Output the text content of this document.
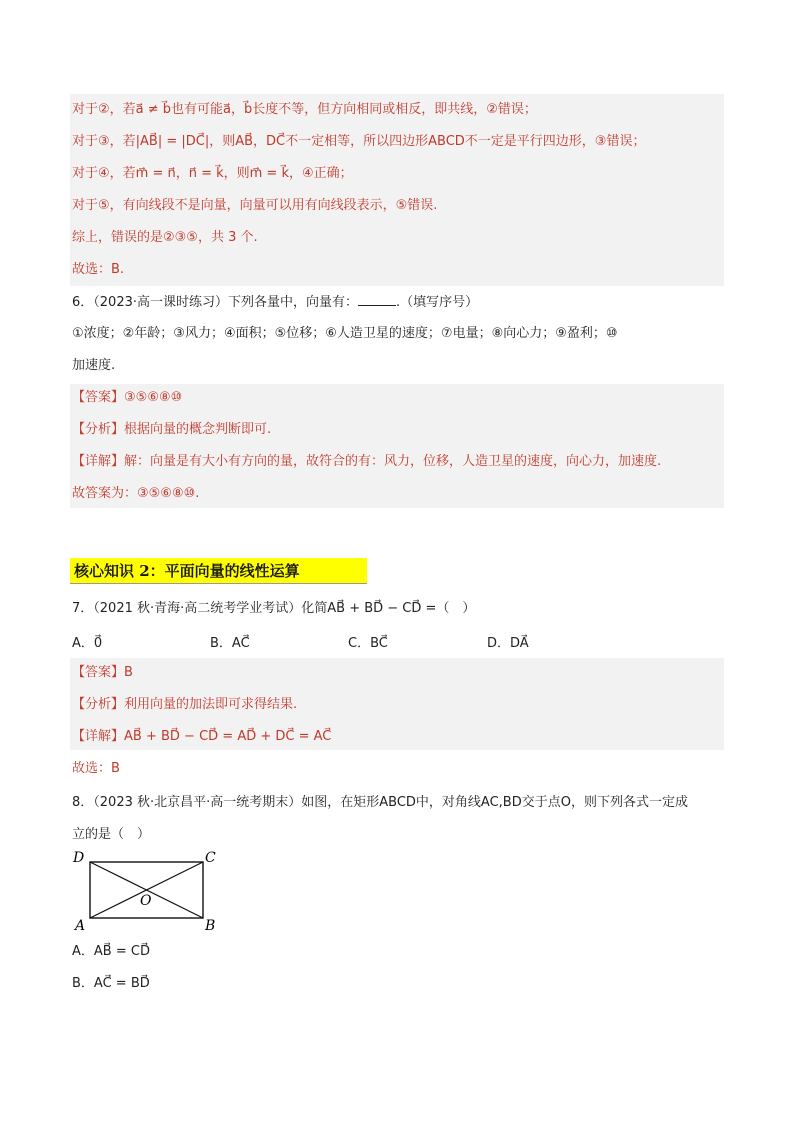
对于②，若a⃗ ≠ b⃗也有可能a⃗，b⃗长度不等，但方向相同或相反，即共线，②错误；
对于③，若|AB⃗| = |DC⃗|，则AB⃗，DC⃗不一定相等，所以四边形ABCD不一定是平行四边形，③错误；
对于④，若m⃗ = n⃗，n⃗ = k⃗，则m⃗ = k⃗，④正确；
对于⑤，有向线段不是向量，向量可以用有向线段表示，⑤错误.
综上，错误的是②③⑤，共 3 个.
故选：B.
6．（2023·高一课时练习）下列各量中，向量有：	.（填写序号）
①浓度；②年龄；③风力；④面积；⑤位移；⑥人造卫星的速度；⑦电量；⑧向心力；⑨盈利；⑩
加速度.
【答案】③⑤⑥⑧⑩
【分析】根据向量的概念判断即可.
【详解】解：向量是有大小有方向的量，故符合的有：风力，位移，人造卫星的速度，向心力，加速度.
故答案为：③⑤⑥⑧⑩.
核心知识 2：平面向量的线性运算
7．（2021 秋·青海·高二统考学业考试）化简AB⃗ + BD⃗ − CD⃗ =（　）
A．0⃗	B．AC⃗	C．BC⃗	D．DA⃗
【答案】B
【分析】利用向量的加法即可求得结果.
【详解】AB⃗ + BD⃗ − CD⃗ = AD⃗ + DC⃗ = AC⃗
故选：B
8．（2023 秋·北京昌平·高一统考期末）如图，在矩形ABCD中，对角线AC,BD交于点O，则下列各式一定成
立的是（　）
D	C
A	B
O
A．AB⃗ = CD⃗
B．AC⃗ = BD⃗
